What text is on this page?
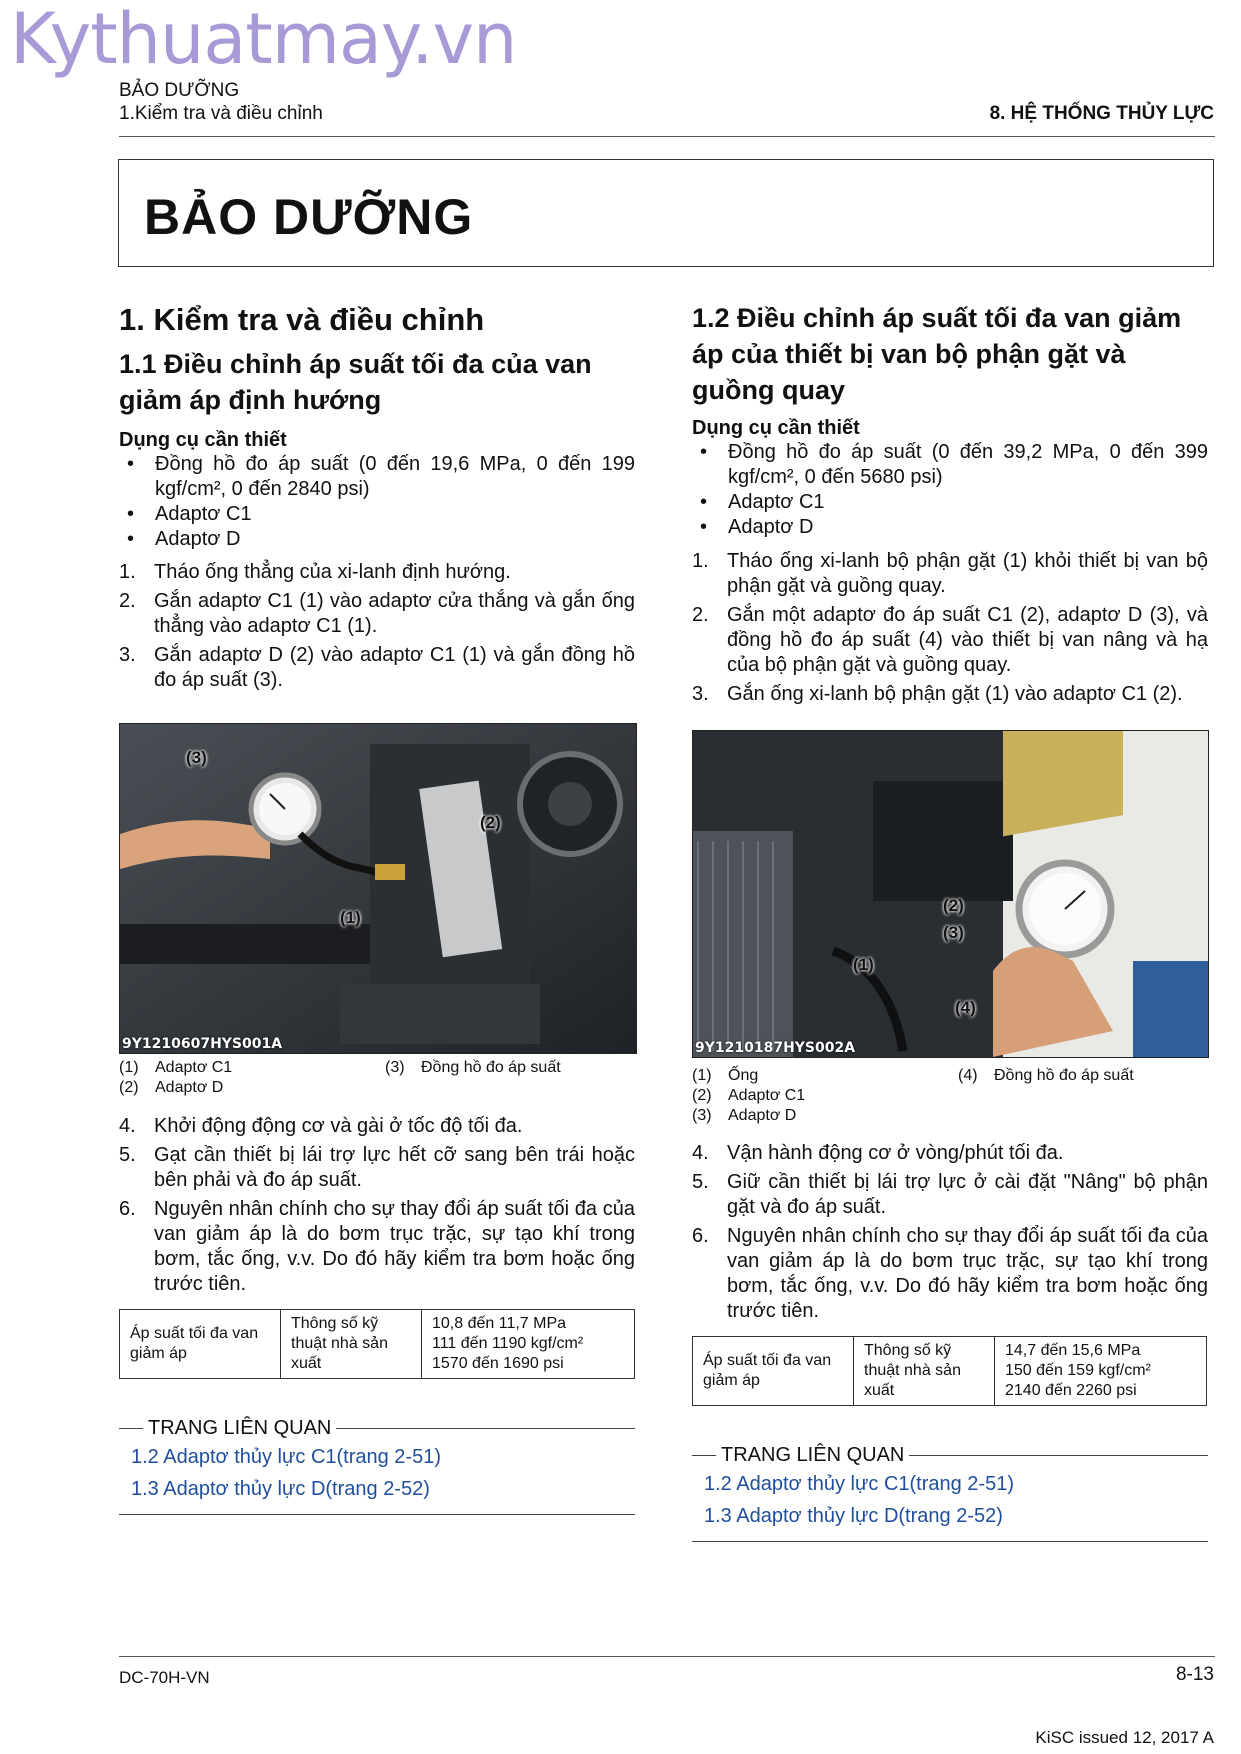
Kythuatmay.vn
BẢO DƯỠNG
1.Kiểm tra và điều chỉnh	8. HỆ THỐNG THỦY LỰC
BẢO DƯỠNG
1. Kiểm tra và điều chỉnh
1.1 Điều chỉnh áp suất tối đa của van giảm áp định hướng
Dụng cụ cần thiết
• Đồng hồ đo áp suất (0 đến 19,6 MPa, 0 đến 199 kgf/cm², 0 đến 2840 psi)
• Adaptơ C1
• Adaptơ D
1. Tháo ống thẳng của xi-lanh định hướng.
2. Gắn adaptơ C1 (1) vào adaptơ cửa thắng và gắn ống thẳng vào adaptơ C1 (1).
3. Gắn adaptơ D (2) vào adaptơ C1 (1) và gắn đồng hồ đo áp suất (3).
(3)
(2)
(1)
9Y1210607HYS001A
(1)	Adaptơ C1
(2)	Adaptơ D
(3)	Đồng hồ đo áp suất
4. Khởi động động cơ và gài ở tốc độ tối đa.
5. Gạt cần thiết bị lái trợ lực hết cỡ sang bên trái hoặc bên phải và đo áp suất.
6. Nguyên nhân chính cho sự thay đổi áp suất tối đa của van giảm áp là do bơm trục trặc, sự tạo khí trong bơm, tắc ống, v.v. Do đó hãy kiểm tra bơm hoặc ống trước tiên.
Áp suất tối đa van giảm áp	Thông số kỹ thuật nhà sản xuất	
10,8 đến 11,7 MPa
111 đến 1190 kgf/cm²
1570 đến 1690 psi
TRANG LIÊN QUAN
1.2 Adaptơ thủy lực C1(trang 2-51)
1.3 Adaptơ thủy lực D(trang 2-52)
1.2 Điều chỉnh áp suất tối đa van giảm áp của thiết bị van bộ phận gặt và guồng quay
Dụng cụ cần thiết
• Đồng hồ đo áp suất (0 đến 39,2 MPa, 0 đến 399 kgf/cm², 0 đến 5680 psi)
• Adaptơ C1
• Adaptơ D
1. Tháo ống xi-lanh bộ phận gặt (1) khỏi thiết bị van bộ phận gặt và guồng quay.
2. Gắn một adaptơ đo áp suất C1 (2), adaptơ D (3), và đồng hồ đo áp suất (4) vào thiết bị van nâng và hạ của bộ phận gặt và guồng quay.
3. Gắn ống xi-lanh bộ phận gặt (1) vào adaptơ C1 (2).
(2)
(3)
(1)
(4)
9Y1210187HYS002A
(1)	Ống
(2)	Adaptơ C1
(3)	Adaptơ D
(4)	Đồng hồ đo áp suất
4. Vận hành động cơ ở vòng/phút tối đa.
5. Giữ cần thiết bị lái trợ lực ở cài đặt "Nâng" bộ phận gặt và đo áp suất.
6. Nguyên nhân chính cho sự thay đổi áp suất tối đa của van giảm áp là do bơm trục trặc, sự tạo khí trong bơm, tắc ống, v.v. Do đó hãy kiểm tra bơm hoặc ống trước tiên.
Áp suất tối đa van giảm áp	Thông số kỹ thuật nhà sản xuất	
14,7 đến 15,6 MPa
150 đến 159 kgf/cm²
2140 đến 2260 psi
TRANG LIÊN QUAN
1.2 Adaptơ thủy lực C1(trang 2-51)
1.3 Adaptơ thủy lực D(trang 2-52)
DC-70H-VN	8-13
KiSC issued 12, 2017 A
